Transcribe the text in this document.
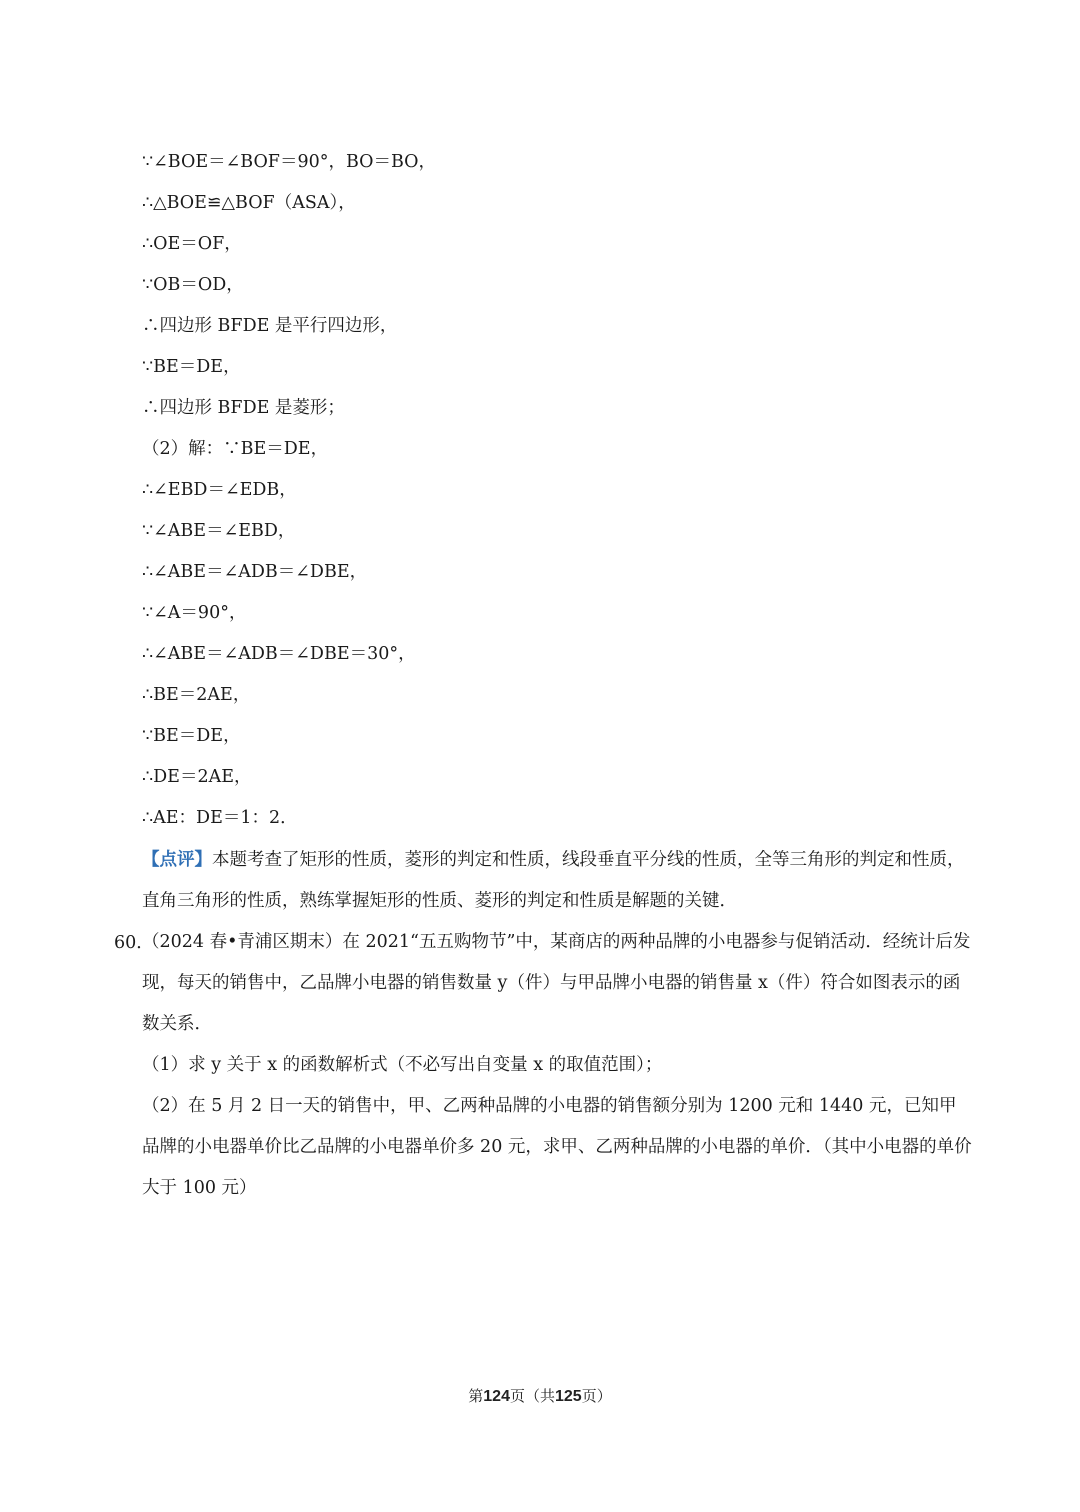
∵∠BOE＝∠BOF＝90°，BO＝BO，
∴△BOE≌△BOF（ASA），
∴OE＝OF，
∵OB＝OD，
∴四边形 BFDE 是平行四边形，
∵BE＝DE，
∴四边形 BFDE 是菱形；
（2）解：∵BE＝DE，
∴∠EBD＝∠EDB，
∵∠ABE＝∠EBD，
∴∠ABE＝∠ADB＝∠DBE，
∵∠A＝90°，
∴∠ABE＝∠ADB＝∠DBE＝30°，
∴BE＝2AE，
∵BE＝DE，
∴DE＝2AE，
∴AE：DE＝1：2．
【点评】本题考查了矩形的性质，菱形的判定和性质，线段垂直平分线的性质，全等三角形的判定和性质，直角三角形的性质，熟练掌握矩形的性质、菱形的判定和性质是解题的关键．
60．
（2024 春•青浦区期末）在 2021“五五购物节”中，某商店的两种品牌的小电器参与促销活动．经统计后发现，每天的销售中，乙品牌小电器的销售数量 y（件）与甲品牌小电器的销售量 x（件）符合如图表示的函数关系．
（1）求 y 关于 x 的函数解析式（不必写出自变量 x 的取值范围）；
（2）在 5 月 2 日一天的销售中，甲、乙两种品牌的小电器的销售额分别为 1200 元和 1440 元，已知甲品牌的小电器单价比乙品牌的小电器单价多 20 元，求甲、乙两种品牌的小电器的单价．（其中小电器的单价大于 100 元）
第124页（共125页）
